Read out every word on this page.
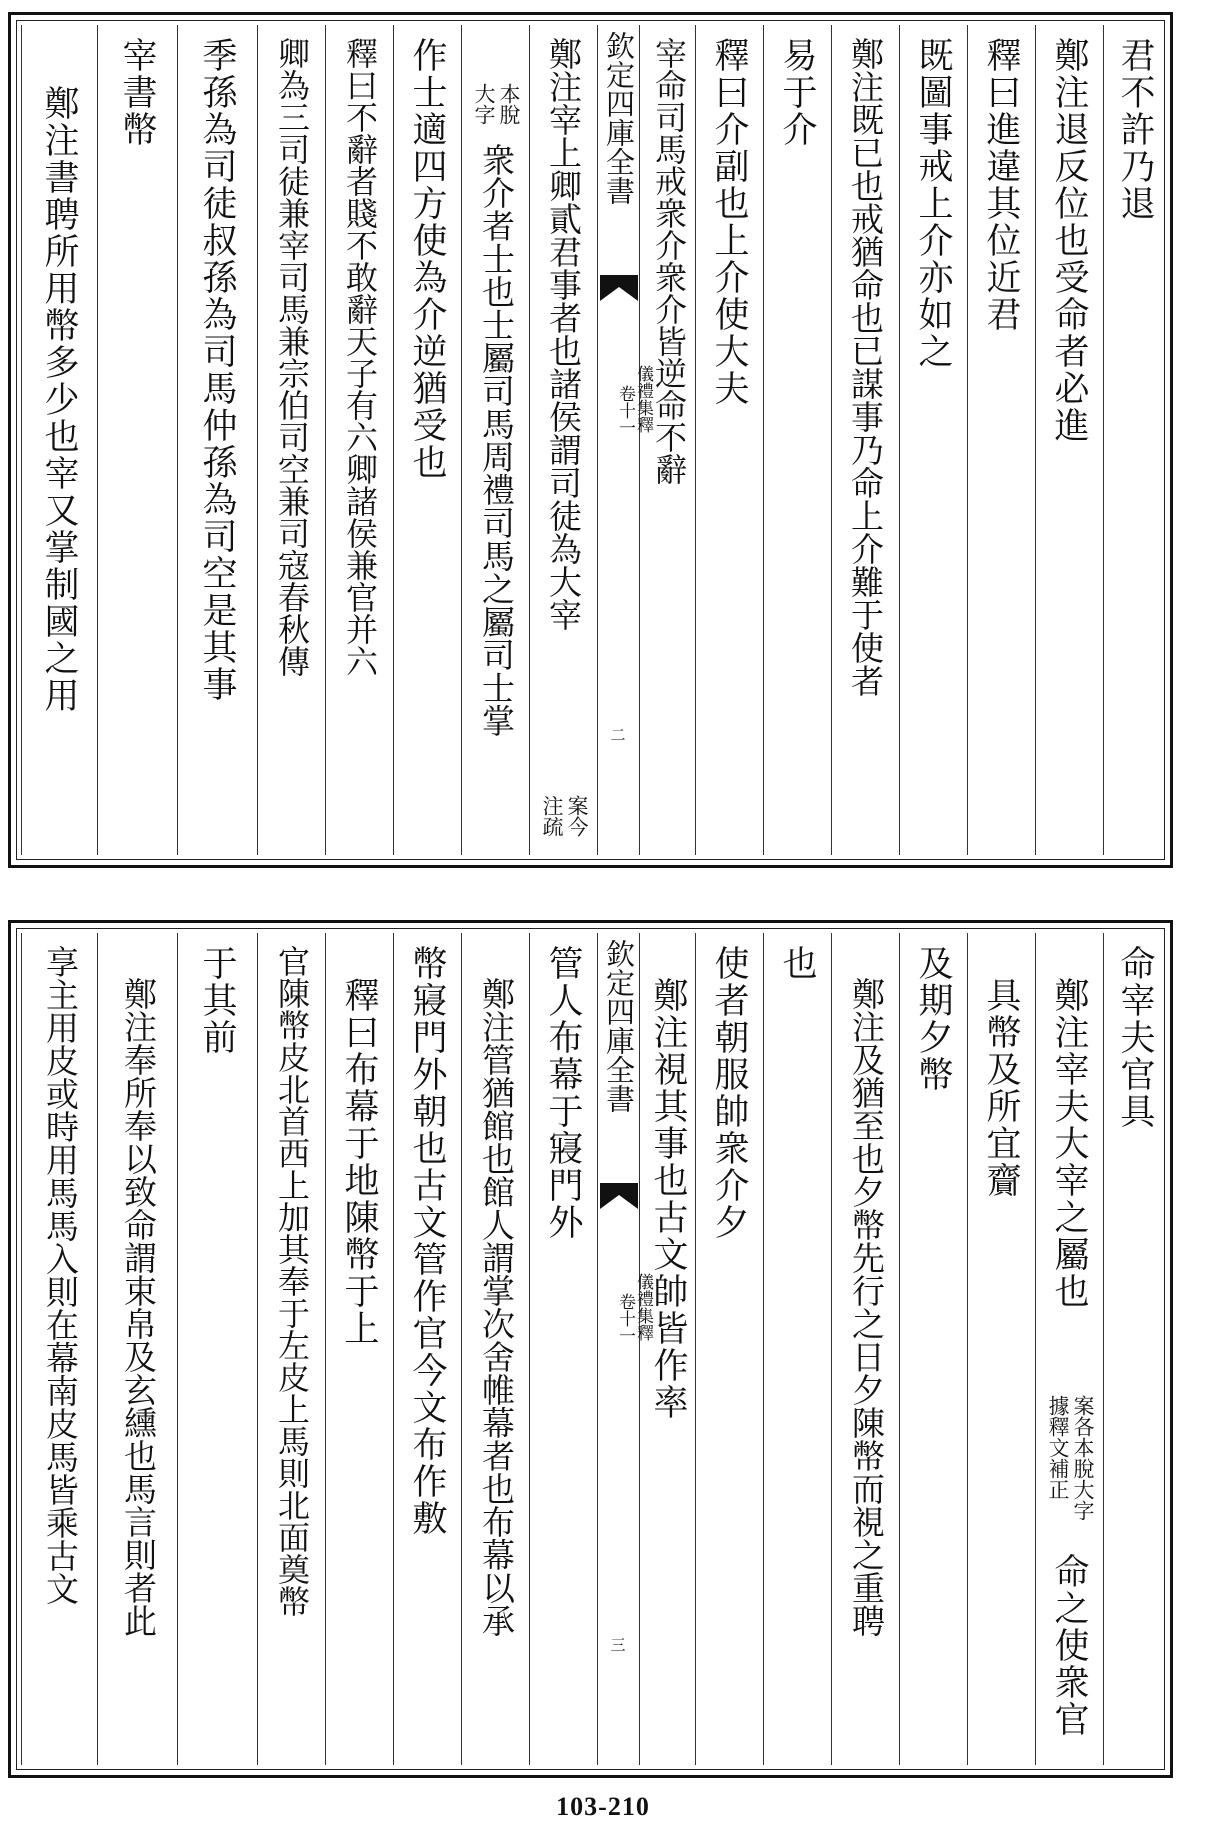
君不許乃退
鄭注退反位也受命者必進
釋曰進違其位近君
既圖事戒上介亦如之
鄭注既已也戒猶命也已謀事乃命上介難于使者
易于介
釋曰介副也上介使大夫
宰命司馬戒衆介衆介皆逆命不辭
欽定四庫全書
儀禮集釋
卷十一
二
鄭注宰上卿貳君事者也諸侯謂司徒為大宰
案今
注疏
本脫
大字
衆介者士也士屬司馬周禮司馬之屬司士掌
作士適四方使為介逆猶受也
釋曰不辭者賤不敢辭天子有六卿諸侯兼官并六
卿為三司徒兼宰司馬兼宗伯司空兼司寇春秋傳
季孫為司徒叔孫為司馬仲孫為司空是其事
宰書幣
鄭注書聘所用幣多少也宰又掌制國之用
命宰夫官具
鄭注宰夫大宰之屬也
案各本脫大字
據釋文補正
命之使衆官
具幣及所宜齎
及期夕幣
鄭注及猶至也夕幣先行之日夕陳幣而視之重聘
也
使者朝服帥衆介夕
鄭注視其事也古文帥皆作率
欽定四庫全書
儀禮集釋
卷十一
三
管人布幕于寢門外
鄭注管猶館也館人謂掌次舍帷幕者也布幕以承
幣寢門外朝也古文管作官今文布作敷
釋曰布幕于地陳幣于上
官陳幣皮北首西上加其奉于左皮上馬則北面奠幣
于其前
鄭注奉所奉以致命謂束帛及玄纁也馬言則者此
享主用皮或時用馬馬入則在幕南皮馬皆乘古文
103-210
